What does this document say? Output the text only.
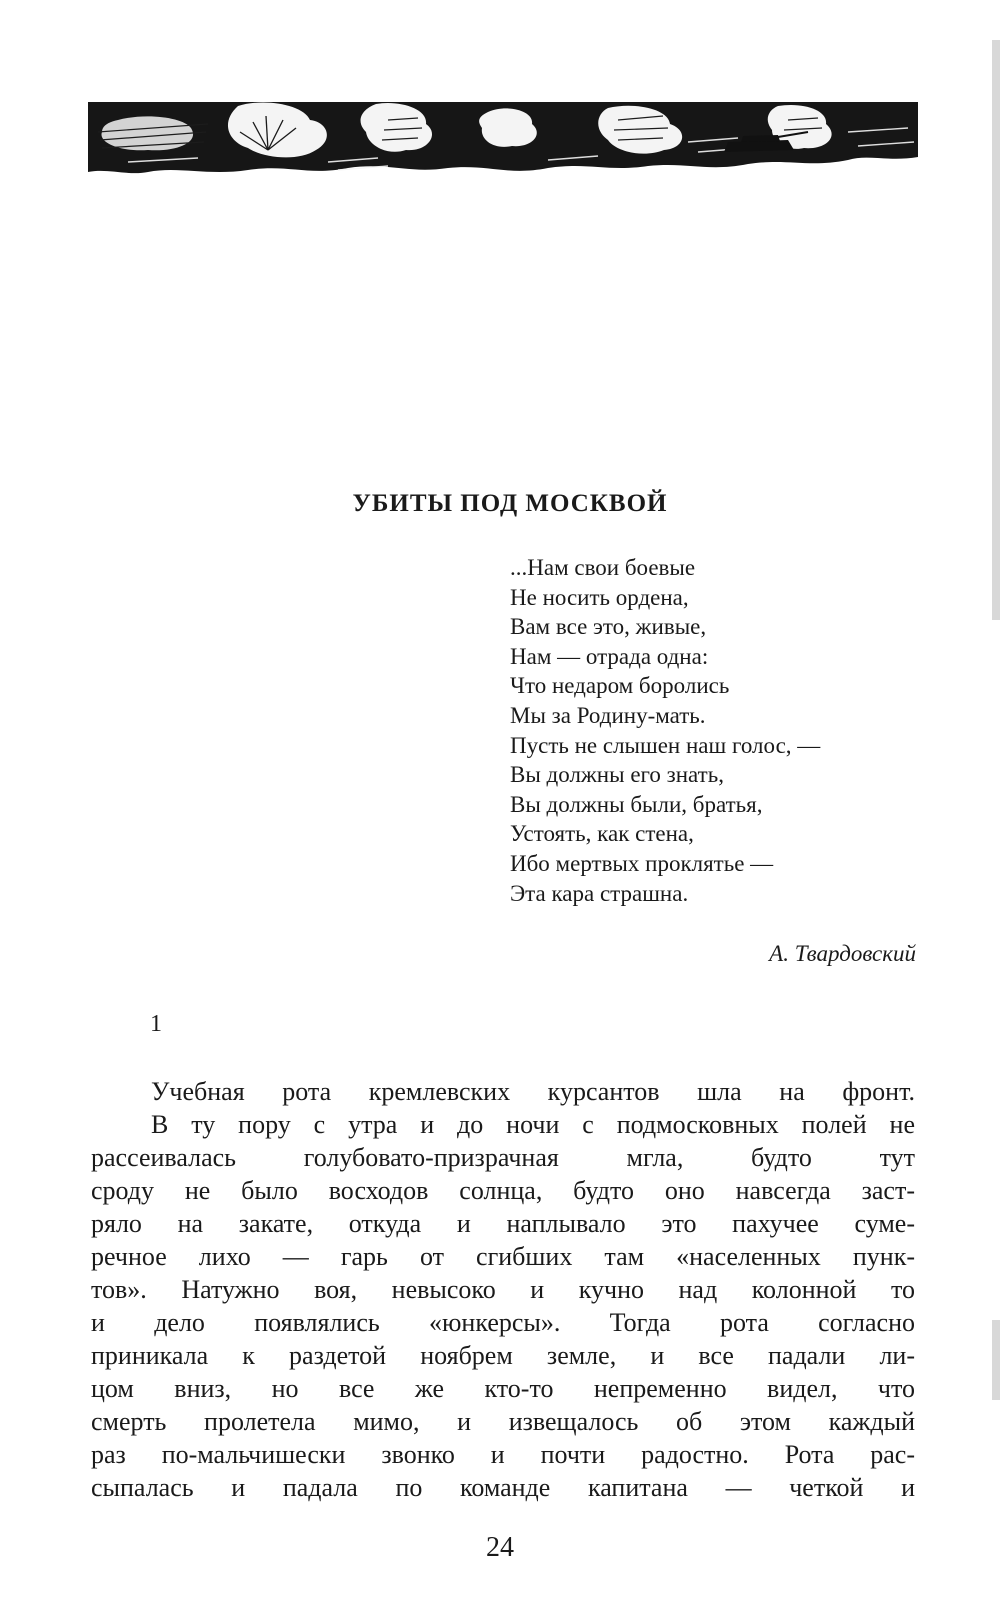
УБИТЫ ПОД МОСКВОЙ
...Нам свои боевые
Не носить ордена,
Вам все это, живые,
Нам — отрада одна:
Что недаром боролись
Мы за Родину-мать.
Пусть не слышен наш голос, —
Вы должны его знать,
Вы должны были, братья,
Устоять, как стена,
Ибо мертвых проклятье —
Эта кара страшна.
А. Твардовский
1
Учебная рота кремлевских курсантов шла на фронт.
В ту пору с утра и до ночи с подмосковных полей не
рассеивалась голубовато-призрачная мгла, будто тут
сроду не было восходов солнца, будто оно навсегда заст-
ряло на закате, откуда и наплывало это пахучее суме-
речное лихо — гарь от сгибших там «населенных пунк-
тов». Натужно воя, невысоко и кучно над колонной то
и дело появлялись «юнкерсы». Тогда рота согласно
приникала к раздетой ноябрем земле, и все падали ли-
цом вниз, но все же кто-то непременно видел, что
смерть пролетела мимо, и извещалось об этом каждый
раз по-мальчишески звонко и почти радостно. Рота рас-
сыпалась и падала по команде капитана — четкой и
24
